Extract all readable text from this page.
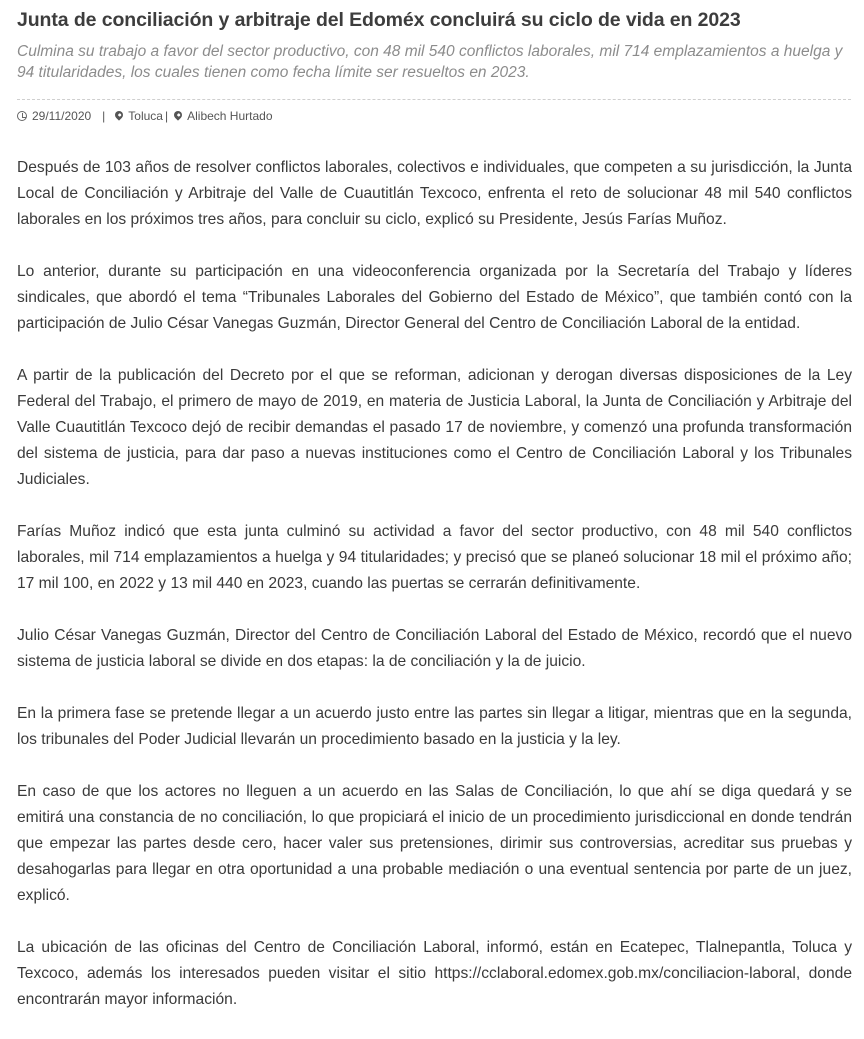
Junta de conciliación y arbitraje del Edoméx concluirá su ciclo de vida en 2023

Culmina su trabajo a favor del sector productivo, con 48 mil 540 conflictos laborales, mil 714 emplazamientos a huelga y 94 titularidades, los cuales tienen como fecha límite ser resueltos en 2023.

29/11/2020 | Toluca | Alibech Hurtado

Después de 103 años de resolver conflictos laborales, colectivos e individuales, que competen a su jurisdicción, la Junta Local de Conciliación y Arbitraje del Valle de Cuautitlán Texcoco, enfrenta el reto de solucionar 48 mil 540 conflictos laborales en los próximos tres años, para concluir su ciclo, explicó su Presidente, Jesús Farías Muñoz.

Lo anterior, durante su participación en una videoconferencia organizada por la Secretaría del Trabajo y líderes sindicales, que abordó el tema “Tribunales Laborales del Gobierno del Estado de México”, que también contó con la participación de Julio César Vanegas Guzmán, Director General del Centro de Conciliación Laboral de la entidad.

A partir de la publicación del Decreto por el que se reforman, adicionan y derogan diversas disposiciones de la Ley Federal del Trabajo, el primero de mayo de 2019, en materia de Justicia Laboral, la Junta de Conciliación y Arbitraje del Valle Cuautitlán Texcoco dejó de recibir demandas el pasado 17 de noviembre, y comenzó una profunda transformación del sistema de justicia, para dar paso a nuevas instituciones como el Centro de Conciliación Laboral y los Tribunales Judiciales.

Farías Muñoz indicó que esta junta culminó su actividad a favor del sector productivo, con 48 mil 540 conflictos laborales, mil 714 emplazamientos a huelga y 94 titularidades; y precisó que se planeó solucionar 18 mil el próximo año; 17 mil 100, en 2022 y 13 mil 440 en 2023, cuando las puertas se cerrarán definitivamente.

Julio César Vanegas Guzmán, Director del Centro de Conciliación Laboral del Estado de México, recordó que el nuevo sistema de justicia laboral se divide en dos etapas: la de conciliación y la de juicio.

En la primera fase se pretende llegar a un acuerdo justo entre las partes sin llegar a litigar, mientras que en la segunda, los tribunales del Poder Judicial llevarán un procedimiento basado en la justicia y la ley.

En caso de que los actores no lleguen a un acuerdo en las Salas de Conciliación, lo que ahí se diga quedará y se emitirá una constancia de no conciliación, lo que propiciará el inicio de un procedimiento jurisdiccional en donde tendrán que empezar las partes desde cero, hacer valer sus pretensiones, dirimir sus controversias, acreditar sus pruebas y desahogarlas para llegar en otra oportunidad a una probable mediación o una eventual sentencia por parte de un juez, explicó.

La ubicación de las oficinas del Centro de Conciliación Laboral, informó, están en Ecatepec, Tlalnepantla, Toluca y Texcoco, además los interesados pueden visitar el sitio https://cclaboral.edomex.gob.mx/conciliacion-laboral, donde encontrarán mayor información.
